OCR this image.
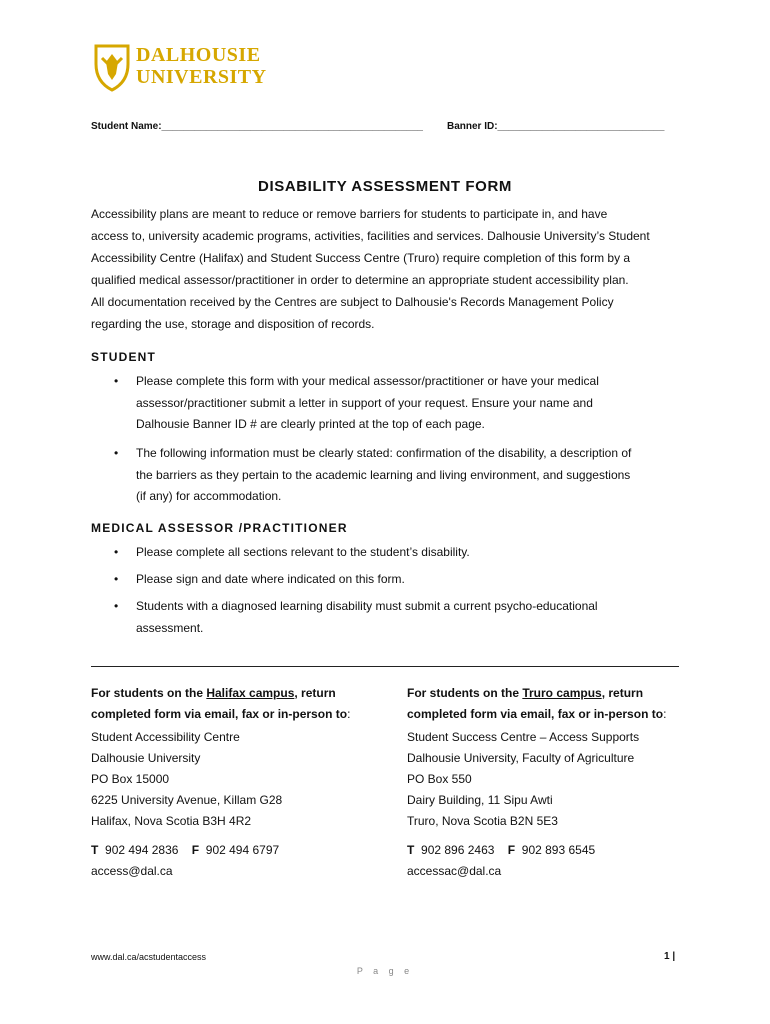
DALHOUSIE
UNIVERSITY
Student Name:_______________________________________________ Banner ID:______________________________
DISABILITY ASSESSMENT FORM
Accessibility plans are meant to reduce or remove barriers for students to participate in, and have
access to, university academic programs, activities, facilities and services. Dalhousie University’s Student
Accessibility Centre (Halifax) and Student Success Centre (Truro) require completion of this form by a
qualified medical assessor/practitioner in order to determine an appropriate student accessibility plan.
All documentation received by the Centres are subject to Dalhousie's Records Management Policy
regarding the use, storage and disposition of records.
STUDENT
• Please complete this form with your medical assessor/practitioner or have your medical
assessor/practitioner submit a letter in support of your request. Ensure your name and
Dalhousie Banner ID # are clearly printed at the top of each page.
• The following information must be clearly stated: confirmation of the disability, a description of
the barriers as they pertain to the academic learning and living environment, and suggestions
(if any) for accommodation.
MEDICAL ASSESSOR /PRACTITIONER
• Please complete all sections relevant to the student’s disability.
• Please sign and date where indicated on this form.
• Students with a diagnosed learning disability must submit a current psycho-educational
assessment.
For students on the Halifax campus, return
completed form via email, fax or in-person to:
Student Accessibility Centre
Dalhousie University
PO Box 15000
6225 University Avenue, Killam G28
Halifax, Nova Scotia B3H 4R2
T 902 494 2836 F 902 494 6797
access@dal.ca
For students on the Truro campus, return
completed form via email, fax or in-person to:
Student Success Centre – Access Supports
Dalhousie University, Faculty of Agriculture
PO Box 550
Dairy Building, 11 Sipu Awti
Truro, Nova Scotia B2N 5E3
T 902 896 2463 F 902 893 6545
accessac@dal.ca
www.dal.ca/acstudentaccess	1 |
P a g e
